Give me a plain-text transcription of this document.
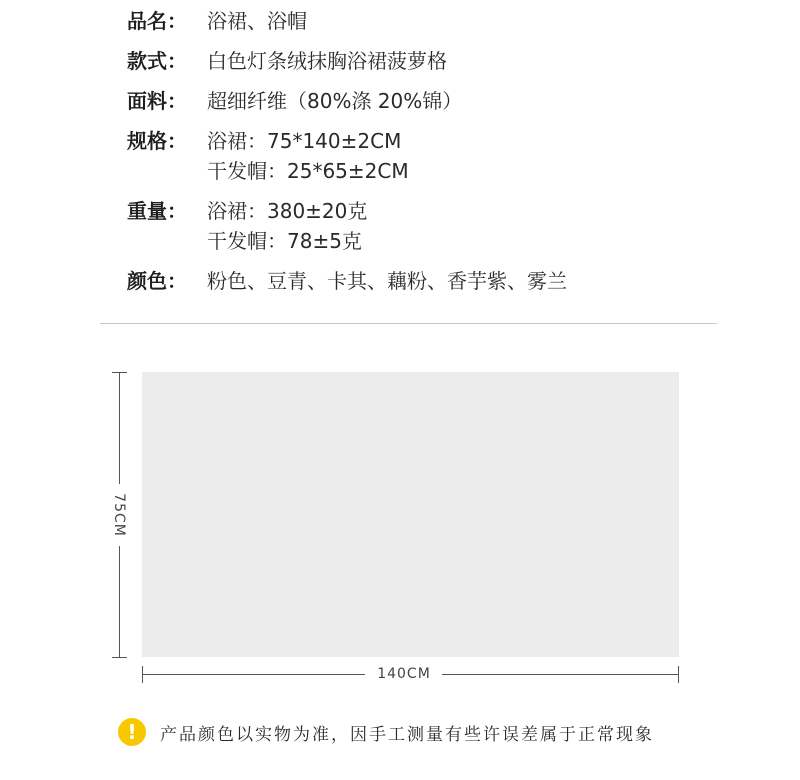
品名：	浴裙、浴帽
款式：	白色灯条绒抹胸浴裙菠萝格
面料：	超细纤维（80%涤 20%锦）
规格：	浴裙：75*140±2CM
干发帽：25*65±2CM
重量：	浴裙：380±20克
干发帽：78±5克
颜色：	粉色、豆青、卡其、藕粉、香芋紫、雾兰
75CM
140CM
!	产品颜色以实物为准，因手工测量有些许误差属于正常现象
